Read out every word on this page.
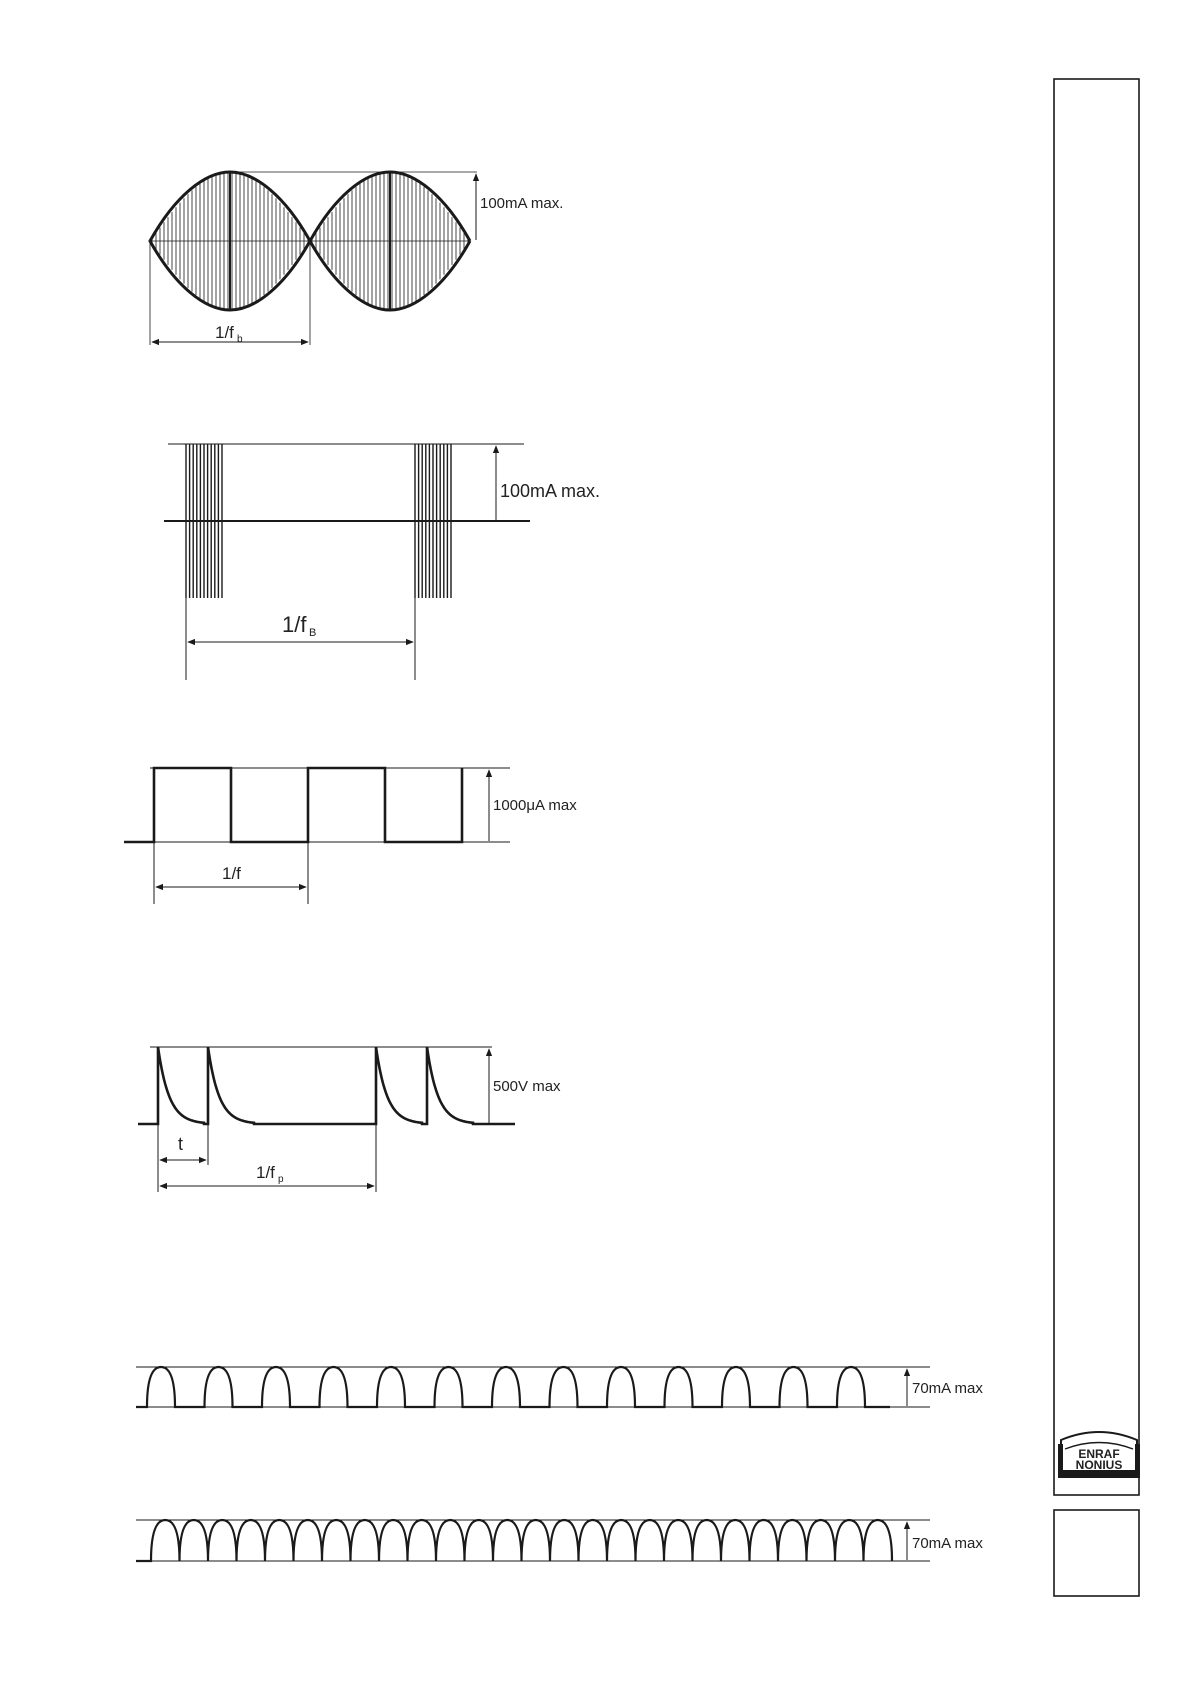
ENRAF
NONIUS
1/f b
100mA max.
1/f B
100mA max.
1/f
1000μA max
t
1/f p
500V max
70mA max
70mA max
